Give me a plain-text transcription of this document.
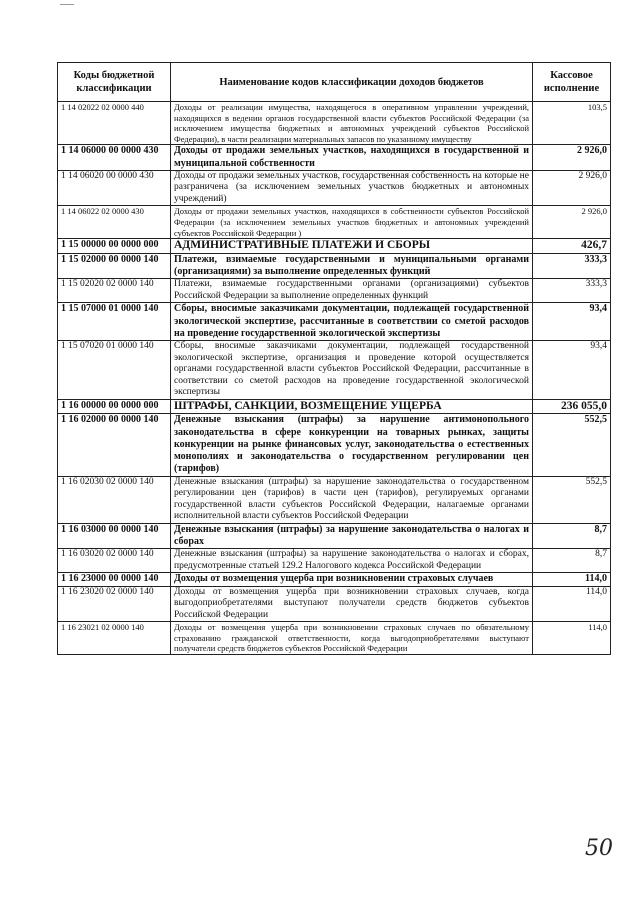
Коды бюджетной классификации	Наименование кодов классификации доходов бюджетов	Кассовое исполнение
1 14 02022 02 0000 440	Доходы от реализации имущества, находящегося в оперативном управлении учреждений, находящихся в ведении органов государственной власти субъектов Российской Федерации (за исключением имущества бюджетных и автономных учреждений субъектов Российской Федерации), в части реализации материальных запасов по указанному имуществу	103,5
1 14 06000 00 0000 430	Доходы от продажи земельных участков, находящихся в государственной и муниципальной собственности	2 926,0
1 14 06020 00 0000 430	Доходы от продажи земельных участков, государственная собственность на которые не разграничена (за исключением земельных участков бюджетных и автономных учреждений)	2 926,0
1 14 06022 02 0000 430	Доходы от продажи земельных участков, находящихся в собственности субъектов Российской Федерации (за исключением земельных участков бюджетных и автономных учреждений субъектов Российской Федерации )	2 926,0
1 15 00000 00 0000 000	АДМИНИСТРАТИВНЫЕ ПЛАТЕЖИ И СБОРЫ	426,7
1 15 02000 00 0000 140	Платежи, взимаемые государственными и муниципальными органами (организациями) за выполнение определенных функций	333,3
1 15 02020 02 0000 140	Платежи, взимаемые государственными органами (организациями) субъектов Российской Федерации за выполнение определенных функций	333,3
1 15 07000 01 0000 140	Сборы, вносимые заказчиками документации, подлежащей государственной экологической экспертизе, рассчитанные в соответствии со сметой расходов на проведение государственной экологической экспертизы	93,4
1 15 07020 01 0000 140	Сборы, вносимые заказчиками документации, подлежащей государственной экологической экспертизе, организация и проведение которой осуществляется органами государственной власти субъектов Российской Федерации, рассчитанные в соответствии со сметой расходов на проведение государственной экологической экспертизы	93,4
1 16 00000 00 0000 000	ШТРАФЫ, САНКЦИИ, ВОЗМЕЩЕНИЕ УЩЕРБА	236 055,0
1 16 02000 00 0000 140	Денежные взыскания (штрафы) за нарушение антимонопольного законодательства в сфере конкуренции на товарных рынках, защиты конкуренции на рынке финансовых услуг, законодательства о естественных монополиях и законодательства о государственном регулировании цен (тарифов)	552,5
1 16 02030 02 0000 140	Денежные взыскания (штрафы) за нарушение законодательства о государственном регулировании цен (тарифов) в части цен (тарифов), регулируемых органами государственной власти субъектов Российской Федерации, налагаемые органами исполнительной власти субъектов Российской Федерации	552,5
1 16 03000 00 0000 140	Денежные взыскания (штрафы) за нарушение законодательства о налогах и сборах	8,7
1 16 03020 02 0000 140	Денежные взыскания (штрафы) за нарушение законодательства о налогах и сборах, предусмотренные статьей 129.2 Налогового кодекса Российской Федерации	8,7
1 16 23000 00 0000 140	Доходы от возмещения ущерба при возникновении страховых случаев	114,0
1 16 23020 02 0000 140	Доходы от возмещения ущерба при возникновении страховых случаев, когда выгодоприобретателями выступают получатели средств бюджетов субъектов Российской Федерации	114,0
1 16 23021 02 0000 140	Доходы от возмещения ущерба при возникновении страховых случаев по обязательному страхованию гражданской ответственности, когда выгодоприобретателями выступают получатели средств бюджетов субъектов Российской Федерации	114,0
50
